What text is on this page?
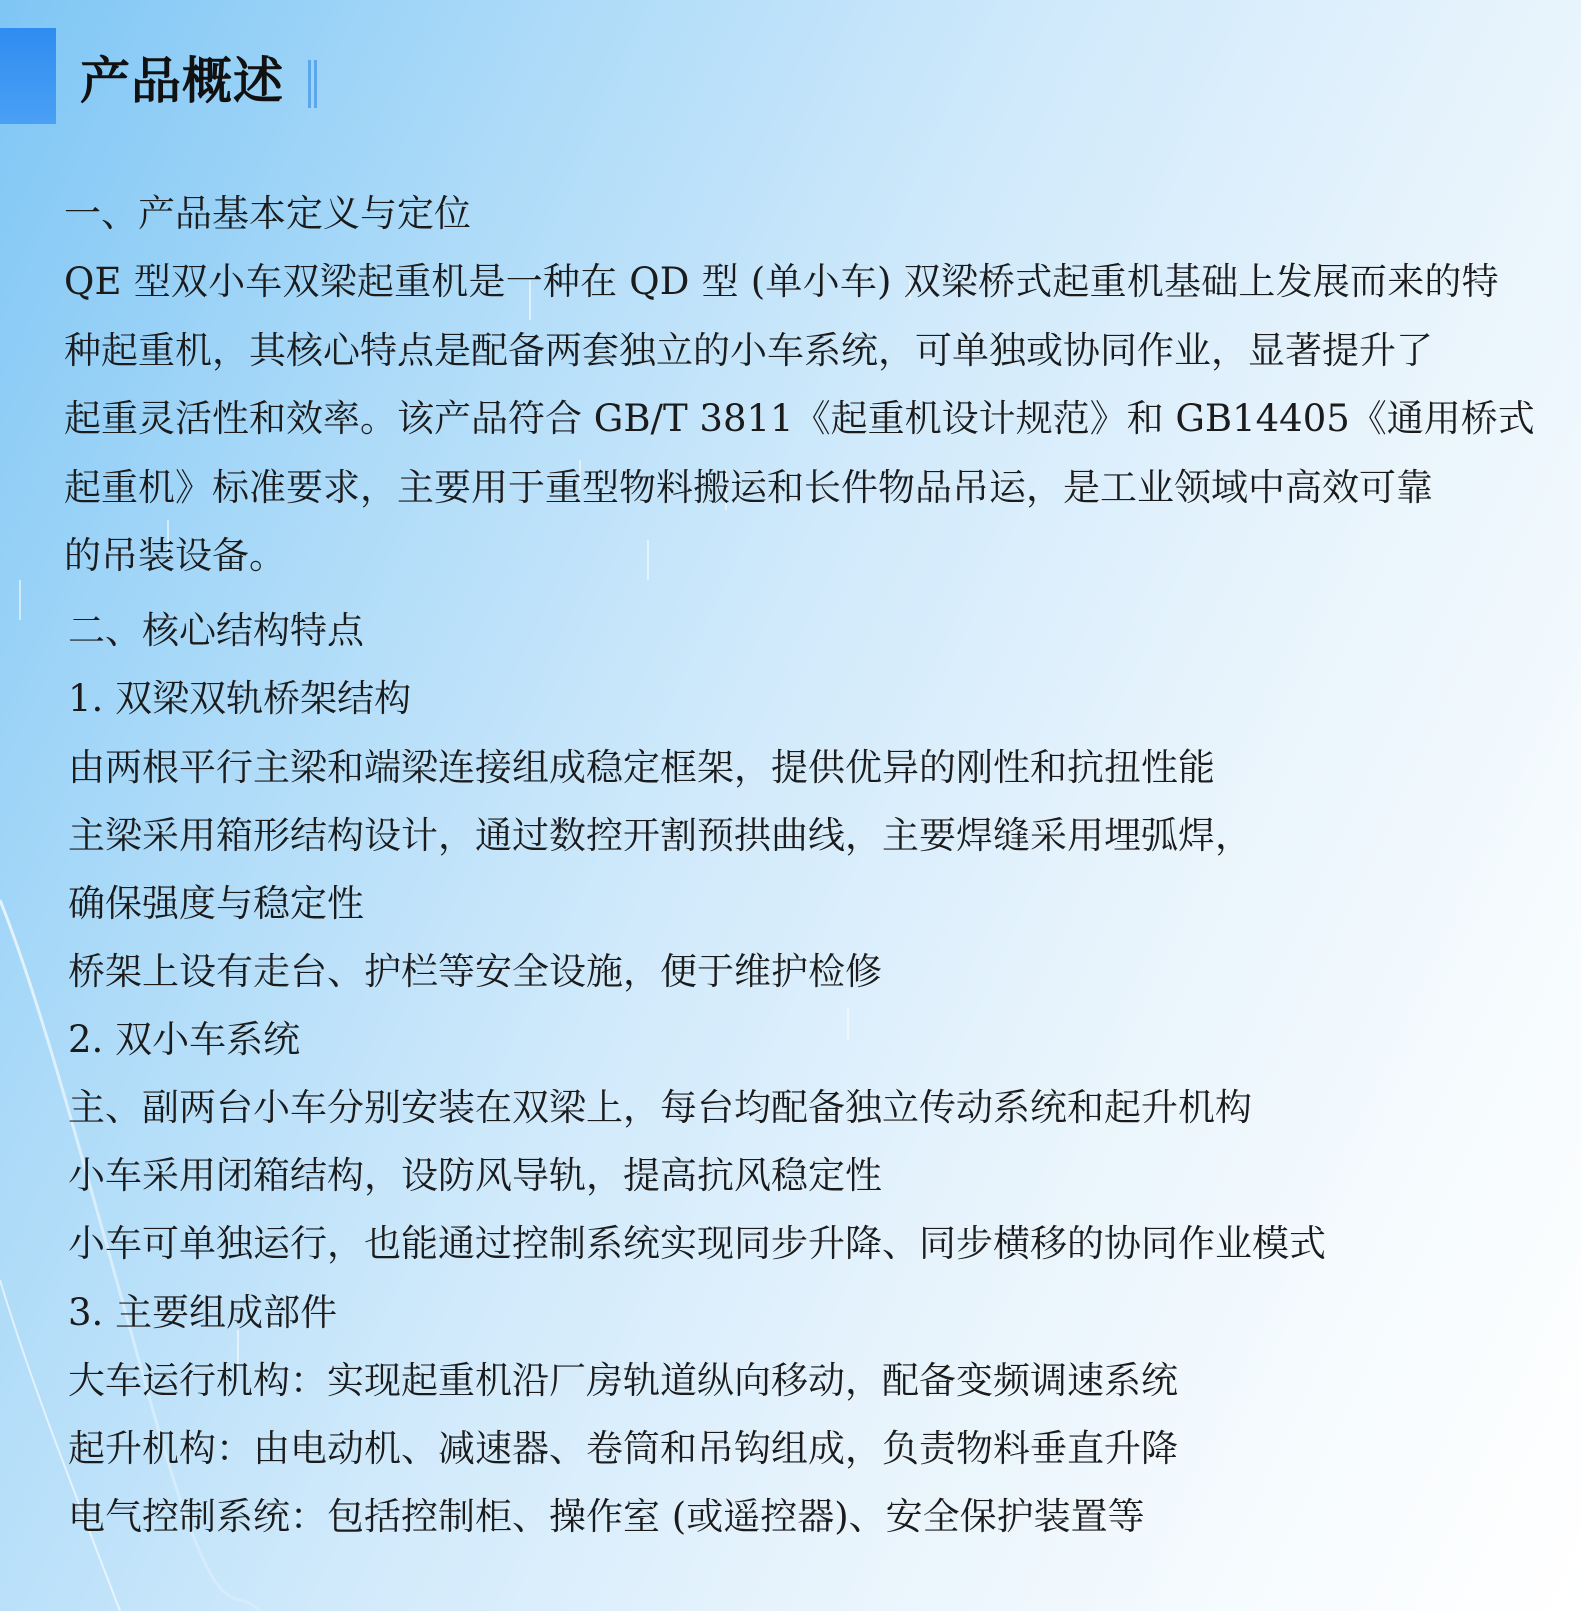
产品概述
一、产品基本定义与定位
QE 型双小车双梁起重机是一种在 QD 型 (单小车) 双梁桥式起重机基础上发展而来的特
种起重机，其核心特点是配备两套独立的小车系统，可单独或协同作业，显著提升了
起重灵活性和效率。该产品符合 GB/T 3811《起重机设计规范》和 GB14405《通用桥式
起重机》标准要求，主要用于重型物料搬运和长件物品吊运，是工业领域中高效可靠
的吊装设备。
二、核心结构特点
1. 双梁双轨桥架结构
由两根平行主梁和端梁连接组成稳定框架，提供优异的刚性和抗扭性能
主梁采用箱形结构设计，通过数控开割预拱曲线，主要焊缝采用埋弧焊，
确保强度与稳定性
桥架上设有走台、护栏等安全设施，便于维护检修
2. 双小车系统
主、副两台小车分别安装在双梁上，每台均配备独立传动系统和起升机构
小车采用闭箱结构，设防风导轨，提高抗风稳定性
小车可单独运行，也能通过控制系统实现同步升降、同步横移的协同作业模式
3. 主要组成部件
大车运行机构：实现起重机沿厂房轨道纵向移动，配备变频调速系统
起升机构：由电动机、减速器、卷筒和吊钩组成，负责物料垂直升降
电气控制系统：包括控制柜、操作室 (或遥控器)、安全保护装置等
